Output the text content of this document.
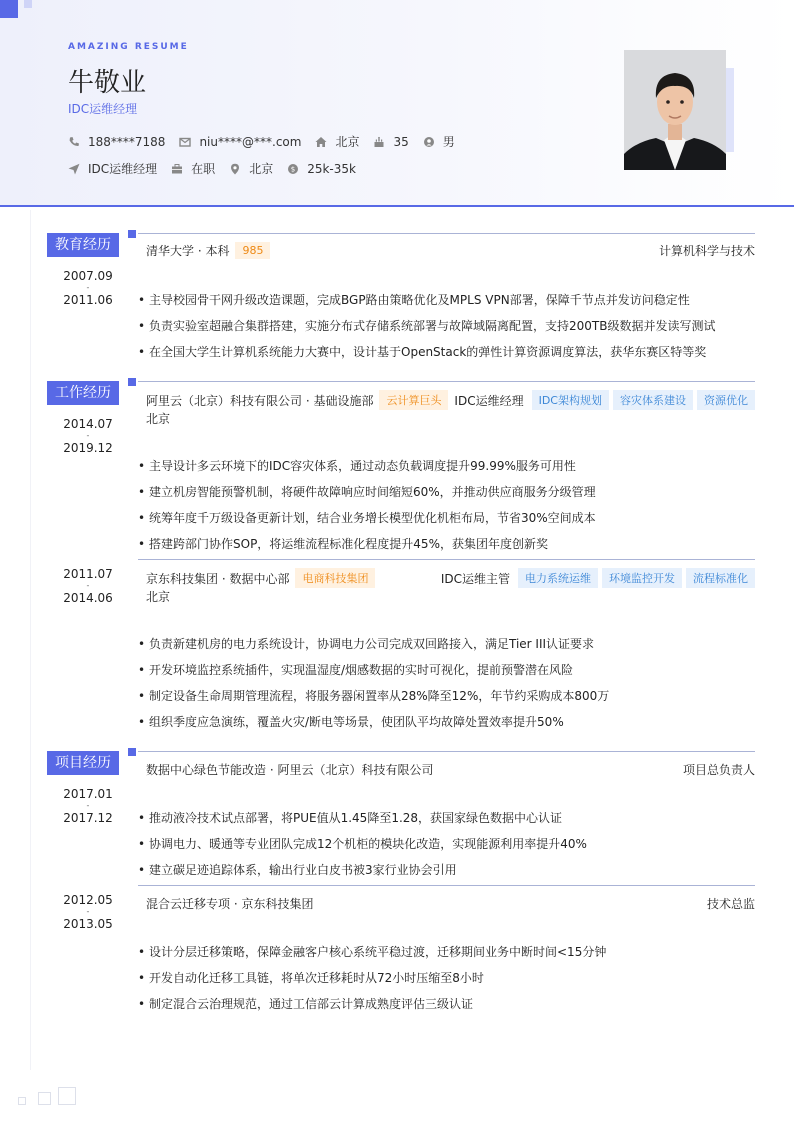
AMAZING RESUME
牛敬业
IDC运维经理
188****7188	niu****@***.com	北京	35	男
IDC运维经理	在职	北京	$ 25k-35k
教育经历
2007.09
-
2011.06
清华大学 · 本科	985	计算机科学与技术
• 主导校园骨干网升级改造课题，完成BGP路由策略优化及MPLS VPN部署，保障千节点并发访问稳定性
• 负责实验室超融合集群搭建，实施分布式存储系统部署与故障域隔离配置，支持200TB级数据并发读写测试
• 在全国大学生计算机系统能力大赛中，设计基于OpenStack的弹性计算资源调度算法，获华东赛区特等奖
工作经历
2014.07
-
2019.12
阿里云（北京）科技有限公司 · 基础设施部	云计算巨头	IDC运维经理	IDC架构规划	容灾体系建设	资源优化
北京
• 主导设计多云环境下的IDC容灾体系，通过动态负载调度提升99.99%服务可用性
• 建立机房智能预警机制，将硬件故障响应时间缩短60%，并推动供应商服务分级管理
• 统筹年度千万级设备更新计划，结合业务增长模型优化机柜布局，节省30%空间成本
• 搭建跨部门协作SOP，将运维流程标准化程度提升45%，获集团年度创新奖
2011.07
-
2014.06
京东科技集团 · 数据中心部	电商科技集团	IDC运维主管	电力系统运维	环境监控开发	流程标准化
北京
• 负责新建机房的电力系统设计，协调电力公司完成双回路接入，满足Tier III认证要求
• 开发环境监控系统插件，实现温湿度/烟感数据的实时可视化，提前预警潜在风险
• 制定设备生命周期管理流程，将服务器闲置率从28%降至12%，年节约采购成本800万
• 组织季度应急演练，覆盖火灾/断电等场景，使团队平均故障处置效率提升50%
项目经历
2017.01
-
2017.12
数据中心绿色节能改造 · 阿里云（北京）科技有限公司	项目总负责人
• 推动液冷技术试点部署，将PUE值从1.45降至1.28，获国家绿色数据中心认证
• 协调电力、暖通等专业团队完成12个机柜的模块化改造，实现能源利用率提升40%
• 建立碳足迹追踪体系，输出行业白皮书被3家行业协会引用
2012.05
-
2013.05
混合云迁移专项 · 京东科技集团	技术总监
• 设计分层迁移策略，保障金融客户核心系统平稳过渡，迁移期间业务中断时间<15分钟
• 开发自动化迁移工具链，将单次迁移耗时从72小时压缩至8小时
• 制定混合云治理规范，通过工信部云计算成熟度评估三级认证
